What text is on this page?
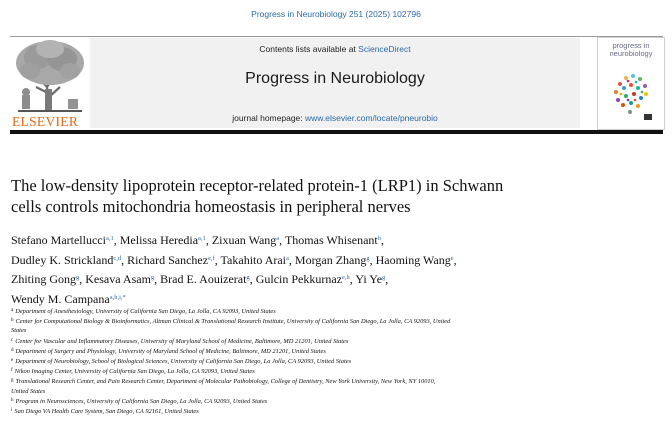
Progress in Neurobiology 251 (2025) 102796
ELSEVIER
Contents lists available at ScienceDirect
Progress in Neurobiology
journal homepage: www.elsevier.com/locate/pneurobio
progress in neurobiology
The low-density lipoprotein receptor-related protein-1 (LRP1) in Schwann
cells controls mitochondria homeostasis in peripheral nerves
Stefano Martellucci$^{a,1}$, Melissa Heredia$^{a,1}$, Zixuan Wang$^a$, Thomas Whisenant$^b$,
Dudley K. Strickland$^{c,d}$, Richard Sanchez$^{e,f}$, Takahito Arai$^a$, Morgan Zhang$^g$, Haoming Wang$^e$,
Zhiting Gong$^g$, Kesava Asam$^g$, Brad E. Aouizerat$^g$, Gulcin Pekkurnaz$^{e,h}$, Yi Ye$^g$,
Wendy M. Campana$^{a,h,i,*}$
$^a$ Department of Anesthesiology, University of California San Diego, La Jolla, CA 92093, United States
$^b$ Center for Computational Biology & Bioinformatics, Altman Clinical & Translational Research Institute, University of California San Diego, La Jolla, CA 92093, United
States
$^c$ Center for Vascular and Inflammatory Diseases, University of Maryland School of Medicine, Baltimore, MD 21201, United States
$^d$ Department of Surgery and Physiology, University of Maryland School of Medicine, Baltimore, MD 21201, United States
$^e$ Department of Neurobiology, School of Biological Sciences, University of California San Diego, La Jolla, CA 92093, United States
$^f$ Nikon Imaging Center, University of California San Diego, La Jolla, CA 92093, United States
$^g$ Translational Research Center, and Pain Research Center, Department of Molecular Pathobiology, College of Dentistry, New York University, New York, NY 10010,
United States
$^h$ Program in Neurosciences, University of California San Diego, La Jolla, CA 92093, United States
$^i$ San Diego VA Health Care System, San Diego, CA 92161, United States
